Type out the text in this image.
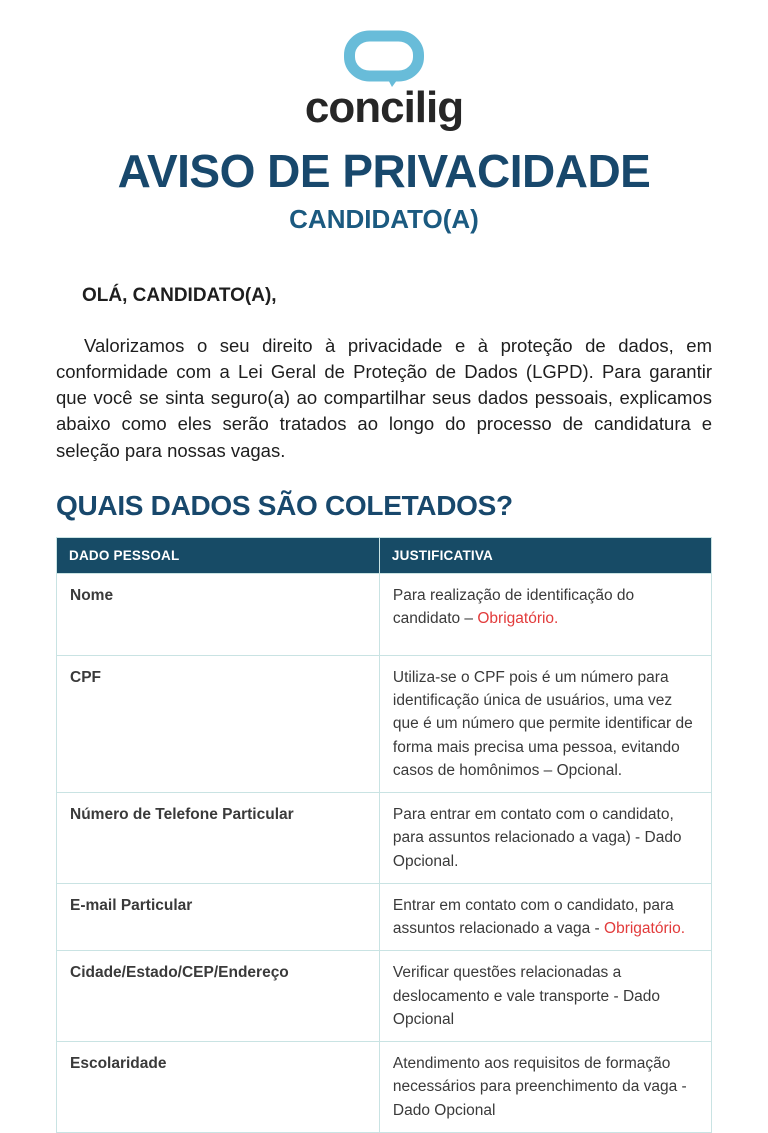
concilig
AVISO DE PRIVACIDADE
CANDIDATO(A)

OLÁ, CANDIDATO(A),

Valorizamos o seu direito à privacidade e à proteção de dados, em conformidade com a Lei Geral de Proteção de Dados (LGPD). Para garantir que você se sinta seguro(a) ao compartilhar seus dados pessoais, explicamos abaixo como eles serão tratados ao longo do processo de candidatura e seleção para nossas vagas.

QUAIS DADOS SÃO COLETADOS?
DADO PESSOAL	JUSTIFICATIVA
Nome	Para realização de identificação do candidato – Obrigatório.
CPF	Utiliza-se o CPF pois é um número para identificação única de usuários, uma vez que é um número que permite identificar de forma mais precisa uma pessoa, evitando casos de homônimos – Opcional.
Número de Telefone Particular	Para entrar em contato com o candidato, para assuntos relacionado a vaga) - Dado Opcional.
E-mail Particular	Entrar em contato com o candidato, para assuntos relacionado a vaga - Obrigatório.
Cidade/Estado/CEP/Endereço	Verificar questões relacionadas a deslocamento e vale transporte - Dado Opcional
Escolaridade	Atendimento aos requisitos de formação necessários para preenchimento da vaga - Dado Opcional
